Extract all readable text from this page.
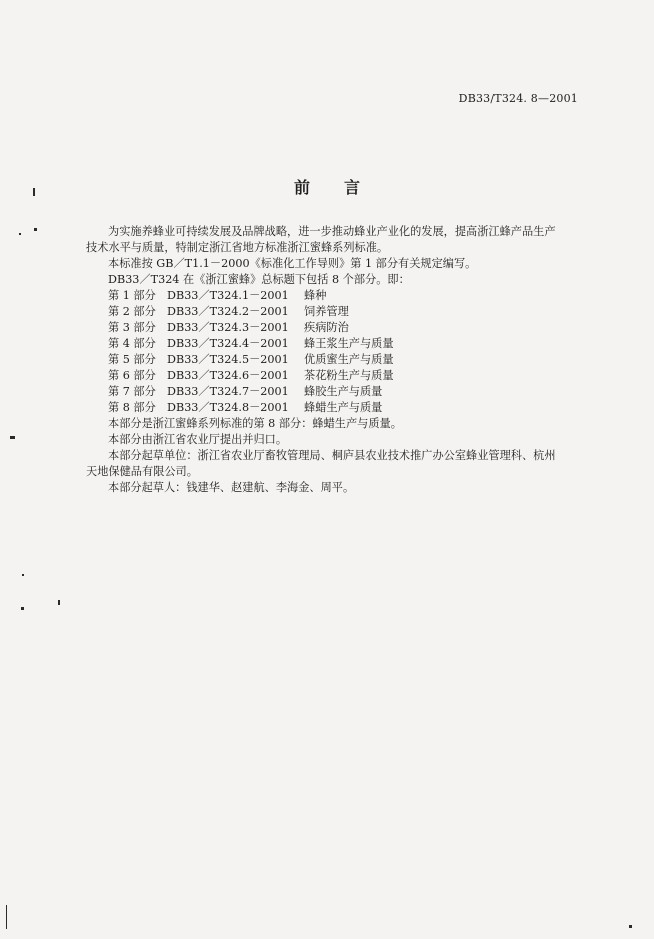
DB33/T324. 8—2001
前言

为实施养蜂业可持续发展及品牌战略，进一步推动蜂业产业化的发展，提高浙江蜂产品生产

技术水平与质量，特制定浙江省地方标准浙江蜜蜂系列标准。

本标准按 GB／T1.1－2000《标准化工作导则》第 1 部分有关规定编写。

DB33／T324 在《浙江蜜蜂》总标题下包括 8 个部分。即：

第 1 部分	DB33／T324.1－2001	蜂种
第 2 部分	DB33／T324.2－2001	饲养管理
第 3 部分	DB33／T324.3－2001	疾病防治
第 4 部分	DB33／T324.4－2001	蜂王浆生产与质量
第 5 部分	DB33／T324.5－2001	优质蜜生产与质量
第 6 部分	DB33／T324.6－2001	茶花粉生产与质量
第 7 部分	DB33／T324.7－2001	蜂胶生产与质量
第 8 部分	DB33／T324.8－2001	蜂蜡生产与质量

本部分是浙江蜜蜂系列标准的第 8 部分：蜂蜡生产与质量。

本部分由浙江省农业厅提出并归口。

本部分起草单位：浙江省农业厅畜牧管理局、桐庐县农业技术推广办公室蜂业管理科、杭州

天地保健品有限公司。

本部分起草人：钱建华、赵建航、李海金、周平。
